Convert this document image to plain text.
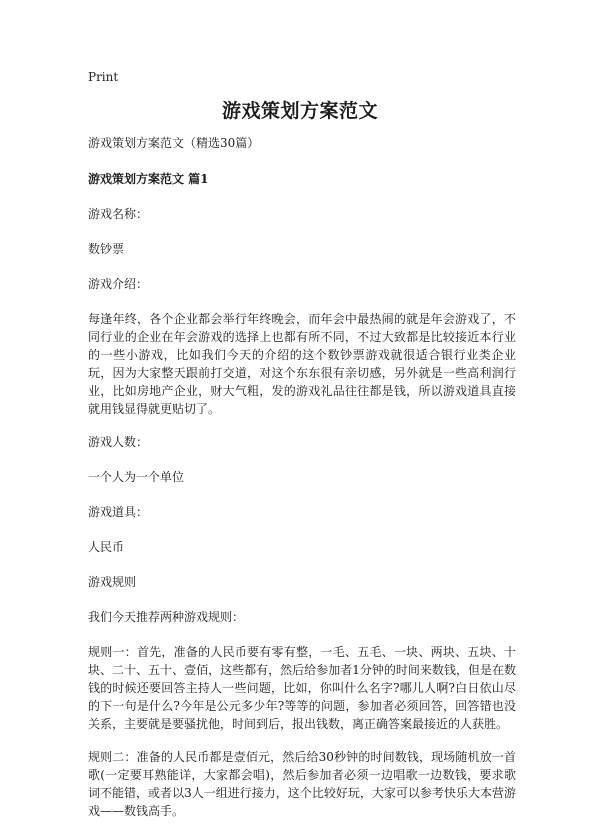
Print
游戏策划方案范文

游戏策划方案范文（精选30篇）

游戏策划方案范文 篇1

游戏名称：

数钞票

游戏介绍：

每逢年终，各个企业都会举行年终晚会，而年会中最热闹的就是年会游戏了，不同行业的企业在年会游戏的选择上也都有所不同，不过大致都是比较接近本行业的一些小游戏，比如我们今天的介绍的这个数钞票游戏就很适合银行业类企业玩，因为大家整天跟前打交道，对这个东东很有亲切感，另外就是一些高利润行业，比如房地产企业，财大气粗，发的游戏礼品往往都是钱，所以游戏道具直接就用钱显得就更贴切了。

游戏人数：

一个人为一个单位

游戏道具：

人民币

游戏规则

我们今天推荐两种游戏规则：

规则一：首先，准备的人民币要有零有整，一毛、五毛、一块、两块、五块、十块、二十、五十、壹佰，这些都有，然后给参加者1分钟的时间来数钱，但是在数钱的时候还要回答主持人一些问题，比如，你叫什么名字?哪儿人啊?白日依山尽的下一句是什么?今年是公元多少年?等等的问题，参加者必须回答，回答错也没关系，主要就是要骚扰他，时间到后，报出钱数，离正确答案最接近的人获胜。

规则二：准备的人民币都是壹佰元，然后给30秒钟的时间数钱，现场随机放一首歌(一定要耳熟能详，大家都会唱)，然后参加者必须一边唱歌一边数钱，要求歌词不能错，或者以3人一组进行接力，这个比较好玩，大家可以参考快乐大本营游戏——数钱高手。
